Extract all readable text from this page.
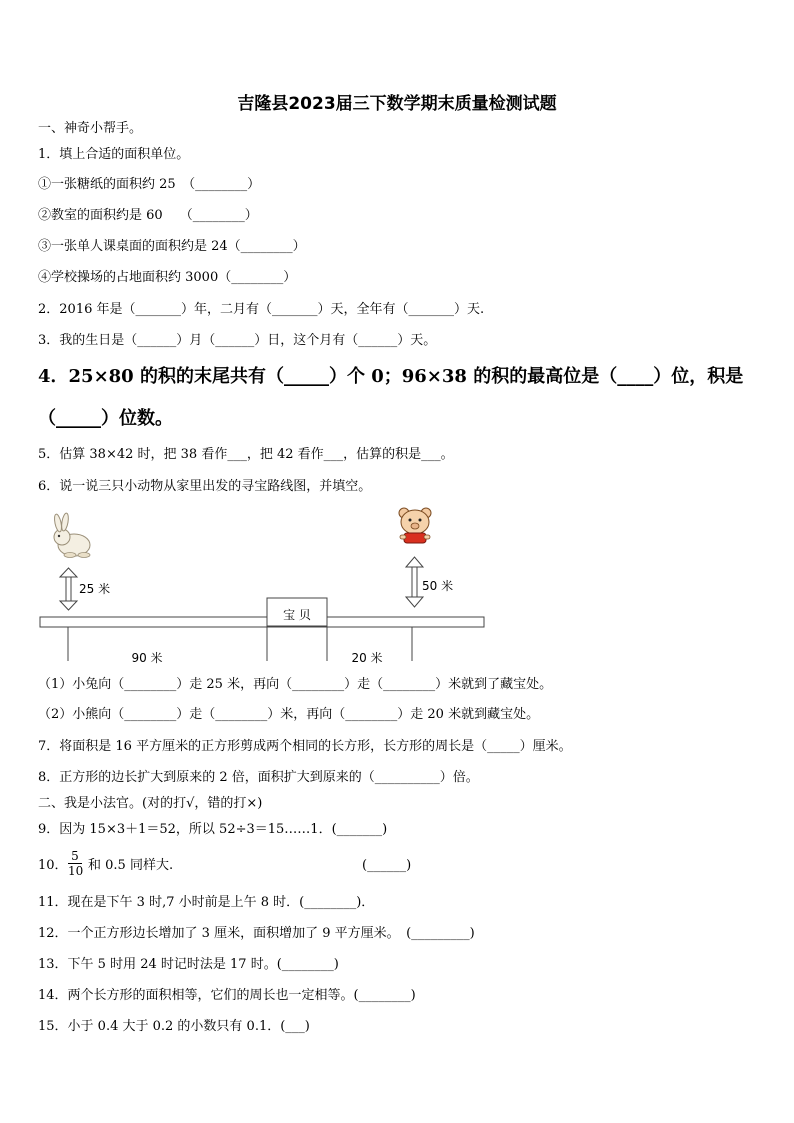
吉隆县2023届三下数学期末质量检测试题
一、神奇小帮手。
1．填上合适的面积单位。
①一张糖纸的面积约 25　（________）
②教室的面积约是 60　 （________）
③一张单人课桌面的面积约是 24（________）
④学校操场的占地面积约 3000（________）
2．2016 年是（_______）年，二月有（_______）天，全年有（_______）天.
3．我的生日是（______）月（______）日，这个月有（______）天。
4．25×80 的积的末尾共有（_____）个 0；96×38 的积的最高位是（____）位，积是
（_____）位数。
5．估算 38×42 时，把 38 看作___，把 42 看作___，估算的积是___。
6．说一说三只小动物从家里出发的寻宝路线图，并填空。
25 米	50 米
宝 贝
90 米	20 米
（1）小兔向（________）走 25 米，再向（________）走（________）米就到了藏宝处。
（2）小熊向（________）走（________）米，再向（________）走 20 米就到藏宝处。
7．将面积是 16 平方厘米的正方形剪成两个相同的长方形，长方形的周长是（_____）厘米。
8．正方形的边长扩大到原来的 2 倍，面积扩大到原来的（__________）倍。
二、我是小法官。(对的打√，错的打×)
9．因为 15×3＋1＝52，所以 52÷3＝15……1．(_______)
10． $\frac{5}{10}$ 和 0.5 同样大.	(______)
11．现在是下午 3 时,7 小时前是上午 8 时．(________)．
12．一个正方形边长增加了 3 厘米，面积增加了 9 平方厘米。　(_________)
13．下午 5 时用 24 时记时法是 17 时。(________)
14．两个长方形的面积相等，它们的周长也一定相等。(________)
15．小于 0.4 大于 0.2 的小数只有 0.1．(___)
